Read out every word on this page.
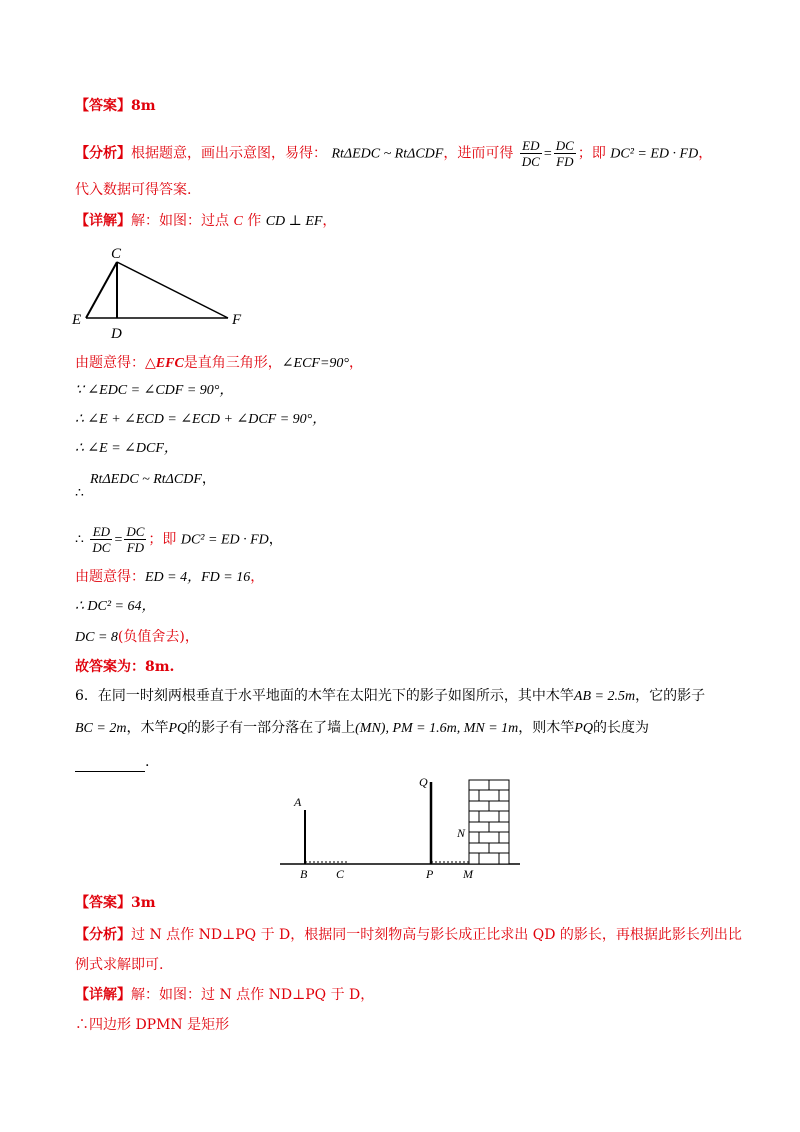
【答案】8m
【分析】根据题意，画出示意图，易得： RtΔEDC ~ RtΔCDF，进而可得 $\frac{ED}{DC} = \frac{DC}{FD}$ ；即 DC² = ED · FD，
代入数据可得答案.
【详解】解：如图：过点 C 作 CD ⊥ EF，
C
E
D
F
由题意得：△EFC是直角三角形，∠ECF=90°，
∵ ∠EDC = ∠CDF = 90°，
∴ ∠E + ∠ECD = ∠ECD + ∠DCF = 90°，
∴ ∠E = ∠DCF，
RtΔEDC ~ RtΔCDF，
∴
∴ $\frac{ED}{DC} = \frac{DC}{FD}$ ；即 DC² = ED · FD，
由题意得：ED = 4，FD = 16，
∴ DC² = 64，
DC = 8(负值舍去)，
故答案为：8m.
6．在同一时刻两根垂直于水平地面的木竿在太阳光下的影子如图所示，其中木竿AB = 2.5m，它的影子
BC = 2m，木竿PQ的影子有一部分落在了墙上(MN), PM = 1.6m, MN = 1m，则木竿PQ的长度为
.
A
B C
Q
P M
N
【答案】3m
【分析】过 N 点作 ND⊥PQ 于 D，根据同一时刻物高与影长成正比求出 QD 的影长，再根据此影长列出比
例式求解即可.
【详解】解：如图：过 N 点作 ND⊥PQ 于 D，
∴四边形 DPMN 是矩形
